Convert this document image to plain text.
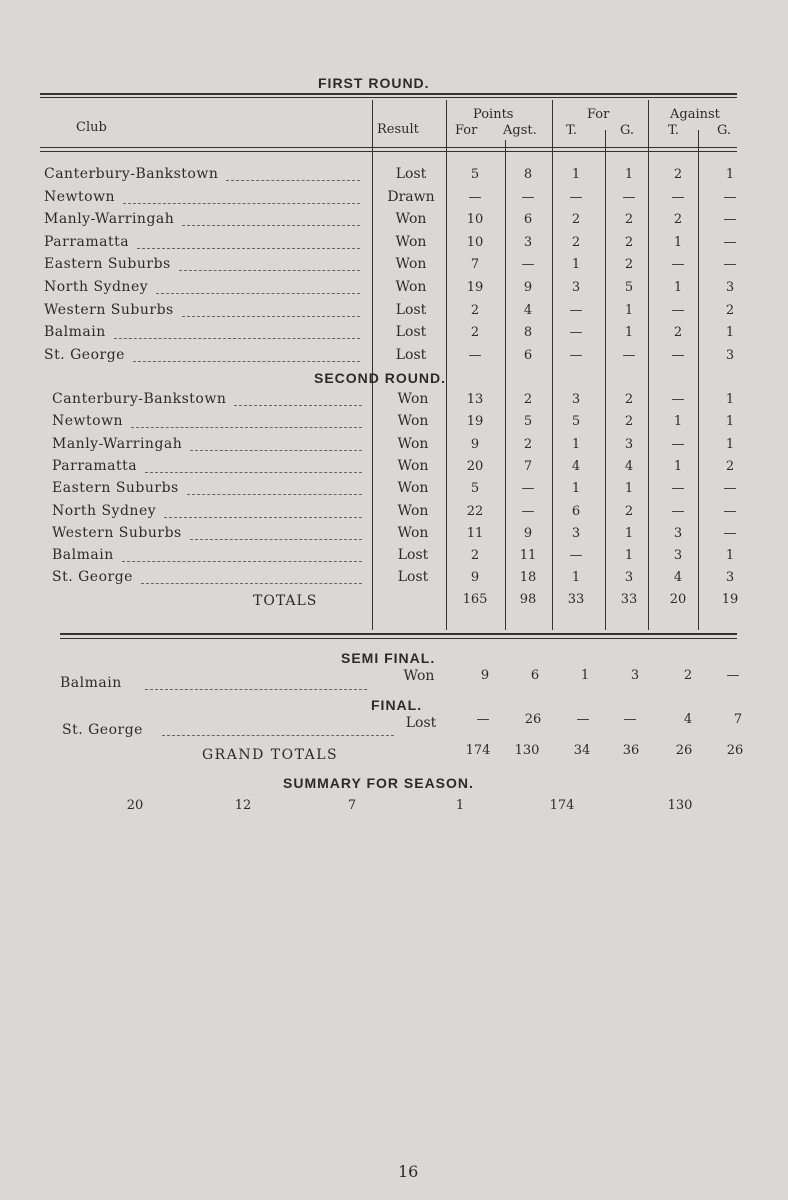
FIRST ROUND.
Club	Result
Points
For Agst.
For
T.	G.
Against
T.	G.
Canterbury-Bankstown	Lost	5	8	1	1	2	1
Newtown	Drawn	—	—	—	—	—	—
Manly-Warringah	Won	10	6	2	2	2	—
Parramatta	Won	10	3	2	2	1	—
Eastern Suburbs	Won	7	—	1	2	—	—
North Sydney	Won	19	9	3	5	1	3
Western Suburbs	Lost	2	4	—	1	—	2
Balmain	Lost	2	8	—	1	2	1
St. George	Lost	—	6	—	—	—	3
Canterbury-Bankstown	Won	13	2	3	2	—	1
Newtown	Won	19	5	5	2	1	1
Manly-Warringah	Won	9	2	1	3	—	1
Parramatta	Won	20	7	4	4	1	2
Eastern Suburbs	Won	5	—	1	1	—	—
North Sydney	Won	22	—	6	2	—	—
Western Suburbs	Won	11	9	3	1	3	—
Balmain	Lost	2	11	—	1	3	1
St. George	Lost	9	18	1	3	4	3
SECOND ROUND.
TOTALS	165	98	33	33	20	19
SEMI FINAL.
Balmain	Won	9	6	1	3	2	—
FINAL.
St. George	Lost	—	26	—	—	4	7
GRAND TOTALS	174	130	34	36	26	26
SUMMARY FOR SEASON.
20	12	7	1	174	130
16
